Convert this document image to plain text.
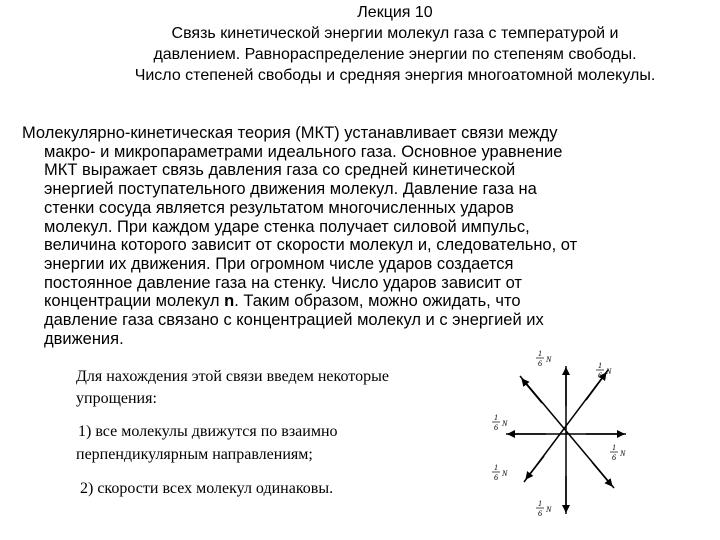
Лекция 10
Связь кинетической энергии молекул газа с температурой и
давлением. Равнораспределение энергии по степеням свободы.
Число степеней свободы и средняя энергия многоатомной молекулы.
Молекулярно-кинетическая теория (МКТ) устанавливает связи между
макро- и микропараметрами идеального газа. Основное уравнение
МКТ выражает связь давления газа со средней кинетической
энергией поступательного движения молекул. Давление газа на
стенки сосуда является результатом многочисленных ударов
молекул. При каждом ударе стенка получает силовой импульс,
величина которого зависит от скорости молекул и, следовательно, от
энергии их движения. При огромном числе ударов создается
постоянное давление газа на стенку. Число ударов зависит от
концентрации молекул n. Таким образом, можно ожидать, что
давление газа связано с концентрацией молекул и с энергией их
движения.
Для нахождения этой связи введем некоторые
упрощения:
1) все молекулы движутся по взаимно
перпендикулярным направлениям;
2) скорости всех молекул одинаковы.
1
6 N
1
6 N
1
6 N
1
6 N
1
6 N
1
6 N
